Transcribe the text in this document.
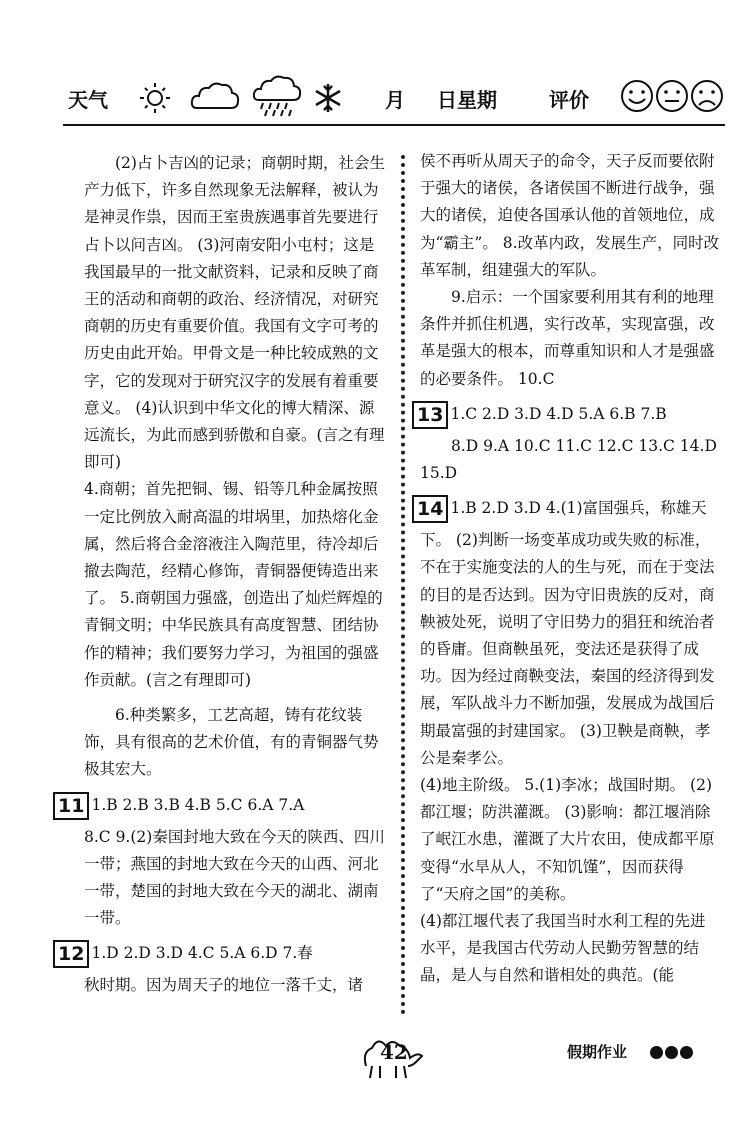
天气	月 日星期	评价

(2)占卜吉凶的记录；商朝时期，社会生产力低下，许多自然现象无法解释，被认为是神灵作祟，因而王室贵族遇事首先要进行占卜以问吉凶。 (3)河南安阳小屯村；这是我国最早的一批文献资料，记录和反映了商王的活动和商朝的政治、经济情况，对研究商朝的历史有重要价值。我国有文字可考的历史由此开始。甲骨文是一种比较成熟的文字，它的发现对于研究汉字的发展有着重要意义。 (4)认识到中华文化的博大精深、源远流长，为此而感到骄傲和自豪。(言之有理即可)

4.商朝；首先把铜、锡、铅等几种金属按照一定比例放入耐高温的坩埚里，加热熔化金属，然后将合金溶液注入陶范里，待冷却后撤去陶范，经精心修饰，青铜器便铸造出来了。 5.商朝国力强盛，创造出了灿烂辉煌的青铜文明；中华民族具有高度智慧、团结协作的精神；我们要努力学习，为祖国的强盛作贡献。(言之有理即可)

6.种类繁多，工艺高超，铸有花纹装饰，具有很高的艺术价值，有的青铜器气势极其宏大。

11 1.B 2.B 3.B 4.B 5.C 6.A 7.A

8.C 9.(2)秦国封地大致在今天的陕西、四川一带；燕国的封地大致在今天的山西、河北一带，楚国的封地大致在今天的湖北、湖南一带。

12 1.D 2.D 3.D 4.C 5.A 6.D 7.春

秋时期。因为周天子的地位一落千丈，诸

侯不再听从周天子的命令，天子反而要依附于强大的诸侯，各诸侯国不断进行战争，强大的诸侯，迫使各国承认他的首领地位，成为“霸主”。 8.改革内政，发展生产，同时改革军制，组建强大的军队。

9.启示：一个国家要利用其有利的地理条件并抓住机遇，实行改革，实现富强，改革是强大的根本，而尊重知识和人才是强盛的必要条件。 10.C

13 1.C 2.D 3.D 4.D 5.A 6.B 7.B

8.D 9.A 10.C 11.C 12.C 13.C 14.D 15.D

14 1.B 2.D 3.D 4.(1)富国强兵，称雄天

下。 (2)判断一场变革成功或失败的标准，不在于实施变法的人的生与死，而在于变法的目的是否达到。因为守旧贵族的反对，商鞅被处死，说明了守旧势力的猖狂和统治者的昏庸。但商鞅虽死，变法还是获得了成功。因为经过商鞅变法，秦国的经济得到发展，军队战斗力不断加强，发展成为战国后期最富强的封建国家。 (3)卫鞅是商鞅，孝公是秦孝公。

(4)地主阶级。 5.(1)李冰；战国时期。 (2)都江堰；防洪灌溉。 (3)影响：都江堰消除了岷江水患，灌溉了大片农田，使成都平原变得“水旱从人，不知饥馑”，因而获得了“天府之国”的美称。

(4)都江堰代表了我国当时水利工程的先进水平，是我国古代劳动人民勤劳智慧的结晶，是人与自然和谐相处的典范。(能

42	假期作业
